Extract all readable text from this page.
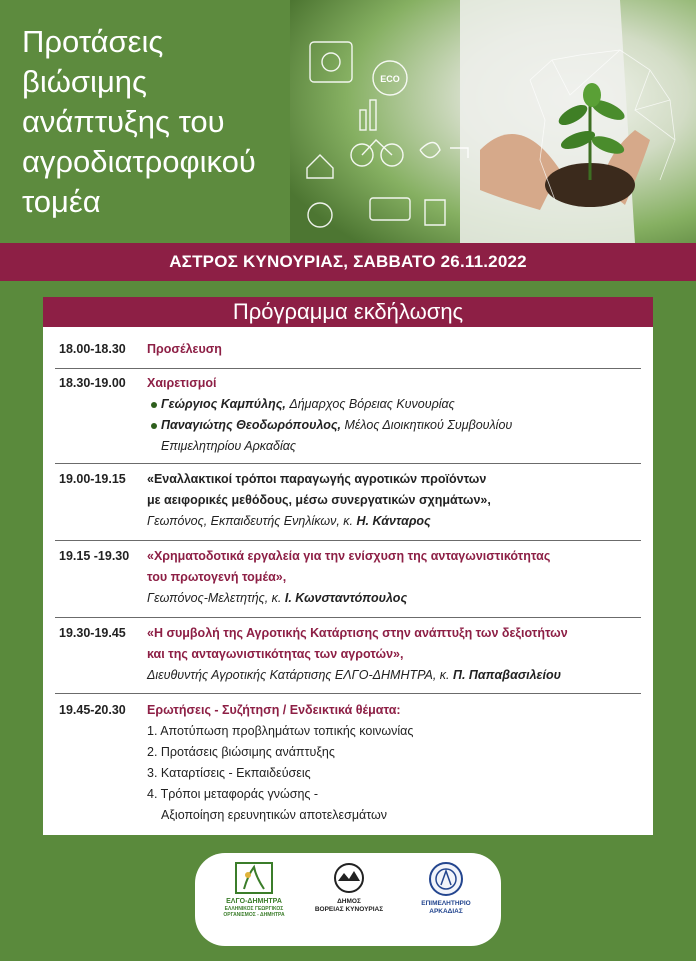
Προτάσεις
βιώσιμης
ανάπτυξης του
αγροδιατροφικού
τομέα
ECO
ΑΣΤΡΟΣ ΚΥΝΟΥΡΙΑΣ, ΣΑΒΒΑΤΟ 26.11.2022
Πρόγραμμα εκδήλωσης
18.00-18.30 Προσέλευση
18.30-19.00 Χαιρετισμοί
Γεώργιος Καμπύλης, Δήμαρχος Βόρειας Κυνουρίας
Παναγιώτης Θεοδωρόπουλος, Μέλος Διοικητικού Συμβουλίου
Επιμελητηρίου Αρκαδίας
19.00-19.15 «Εναλλακτικοί τρόποι παραγωγής αγροτικών προϊόντων
με αειφορικές μεθόδους, μέσω συνεργατικών σχημάτων»,
Γεωπόνος, Εκπαιδευτής Ενηλίκων, κ. Η. Κάνταρος
19.15 -19.30 «Χρηματοδοτικά εργαλεία για την ενίσχυση της ανταγωνιστικότητας
του πρωτογενή τομέα»,
Γεωπόνος-Μελετητής, κ. Ι. Κωνσταντόπουλος
19.30-19.45 «Η συμβολή της Αγροτικής Κατάρτισης στην ανάπτυξη των δεξιοτήτων
και της ανταγωνιστικότητας των αγροτών»,
Διευθυντής Αγροτικής Κατάρτισης ΕΛΓΟ-ΔΗΜΗΤΡΑ, κ. Π. Παπαβασιλείου
19.45-20.30 Ερωτήσεις - Συζήτηση / Ενδεικτικά θέματα:
1. Αποτύπωση προβλημάτων τοπικής κοινωνίας
2. Προτάσεις βιώσιμης ανάπτυξης
3. Καταρτίσεις - Εκπαιδεύσεις
4. Τρόποι μεταφοράς γνώσης -
Αξιοποίηση ερευνητικών αποτελεσμάτων
ΕΛΓΟ-ΔΗΜΗΤΡΑ
ΕΛΛΗΝΙΚΟΣ ΓΕΩΡΓΙΚΟΣ
ΟΡΓΑΝΙΣΜΟΣ - ΔΗΜΗΤΡΑ
ΔΗΜΟΣ
ΒΟΡΕΙΑΣ ΚΥΝΟΥΡΙΑΣ
ΕΠΙΜΕΛΗΤΗΡΙΟ
ΑΡΚΑΔΙΑΣ
